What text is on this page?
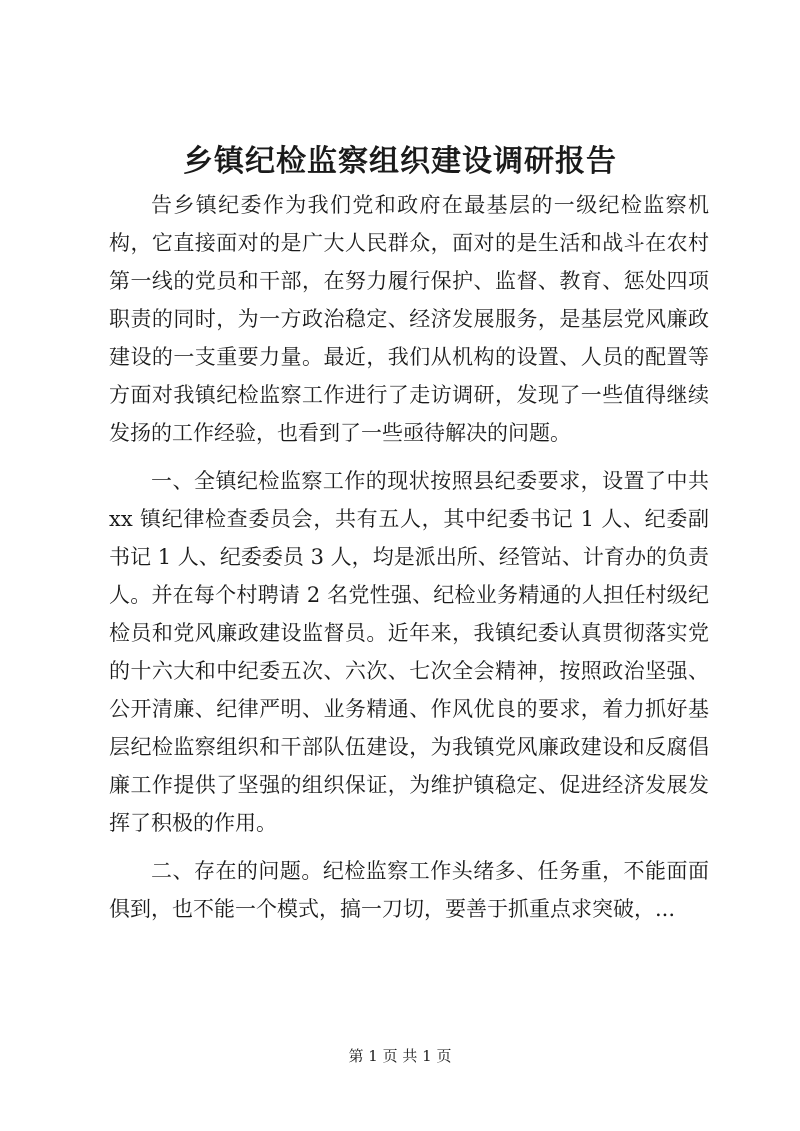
乡镇纪检监察组织建设调研报告
告乡镇纪委作为我们党和政府在最基层的一级纪检监察机
构，它直接面对的是广大人民群众，面对的是生活和战斗在农村
第一线的党员和干部，在努力履行保护、监督、教育、惩处四项
职责的同时，为一方政治稳定、经济发展服务，是基层党风廉政
建设的一支重要力量。最近，我们从机构的设置、人员的配置等
方面对我镇纪检监察工作进行了走访调研，发现了一些值得继续
发扬的工作经验，也看到了一些亟待解决的问题。
一、全镇纪检监察工作的现状按照县纪委要求，设置了中共
xx 镇纪律检查委员会，共有五人，其中纪委书记 1 人、纪委副
书记 1 人、纪委委员 3 人，均是派出所、经管站、计育办的负责
人。并在每个村聘请 2 名党性强、纪检业务精通的人担任村级纪
检员和党风廉政建设监督员。近年来，我镇纪委认真贯彻落实党
的十六大和中纪委五次、六次、七次全会精神，按照政治坚强、
公开清廉、纪律严明、业务精通、作风优良的要求，着力抓好基
层纪检监察组织和干部队伍建设，为我镇党风廉政建设和反腐倡
廉工作提供了坚强的组织保证，为维护镇稳定、促进经济发展发
挥了积极的作用。
二、存在的问题。纪检监察工作头绪多、任务重，不能面面
俱到，也不能一个模式，搞一刀切，要善于抓重点求突破，...
第 1 页 共 1 页
